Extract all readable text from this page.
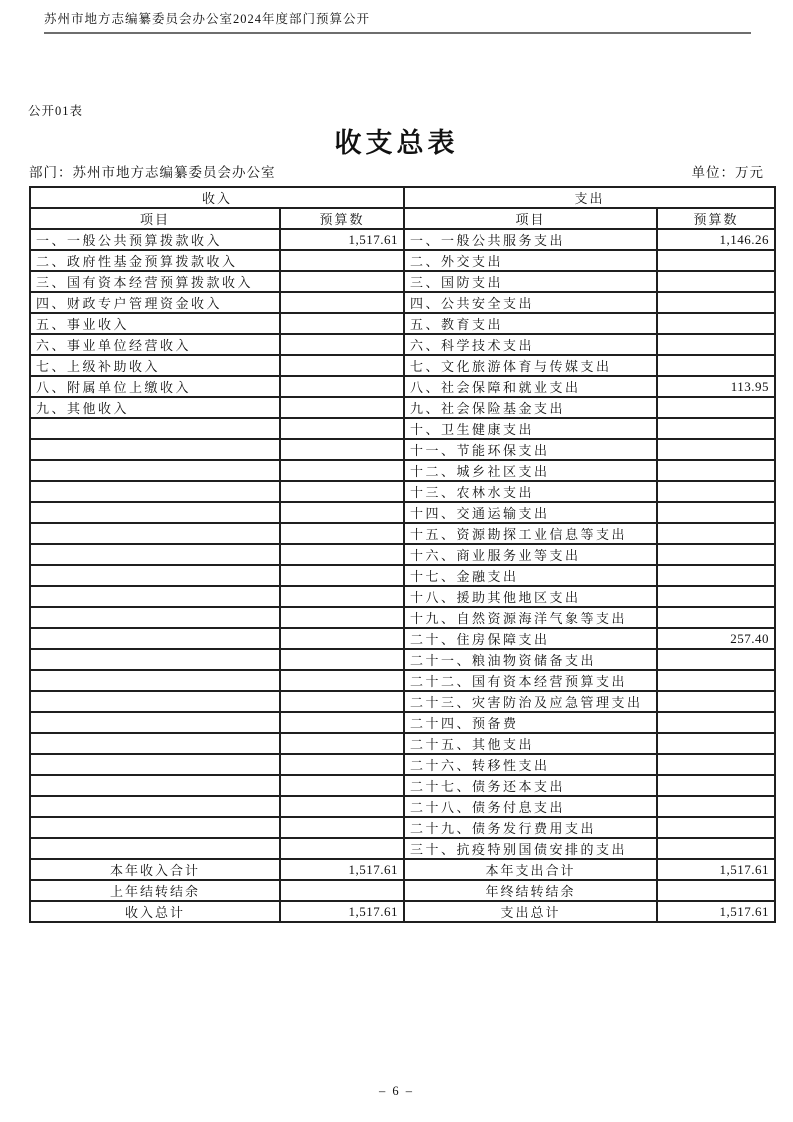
苏州市地方志编纂委员会办公室2024年度部门预算公开
公开01表
收支总表
部门：苏州市地方志编纂委员会办公室	单位：万元
收入		支出	
项目	预算数	项目	预算数
一、一般公共预算拨款收入	1,517.61	一、一般公共服务支出	1,146.26
二、政府性基金预算拨款收入		二、外交支出	
三、国有资本经营预算拨款收入		三、国防支出	
四、财政专户管理资金收入		四、公共安全支出	
五、事业收入		五、教育支出	
六、事业单位经营收入		六、科学技术支出	
七、上级补助收入		七、文化旅游体育与传媒支出	
八、附属单位上缴收入		八、社会保障和就业支出	113.95
九、其他收入		九、社会保险基金支出	
		十、卫生健康支出	
		十一、节能环保支出	
		十二、城乡社区支出	
		十三、农林水支出	
		十四、交通运输支出	
		十五、资源勘探工业信息等支出	
		十六、商业服务业等支出	
		十七、金融支出	
		十八、援助其他地区支出	
		十九、自然资源海洋气象等支出	
		二十、住房保障支出	257.40
		二十一、粮油物资储备支出	
		二十二、国有资本经营预算支出	
		二十三、灾害防治及应急管理支出	
		二十四、预备费	
		二十五、其他支出	
		二十六、转移性支出	
		二十七、债务还本支出	
		二十八、债务付息支出	
		二十九、债务发行费用支出	
		三十、抗疫特别国债安排的支出	
本年收入合计	1,517.61	本年支出合计	1,517.61
上年结转结余		年终结转结余	
收入总计	1,517.61	支出总计	1,517.61
– 6 –
